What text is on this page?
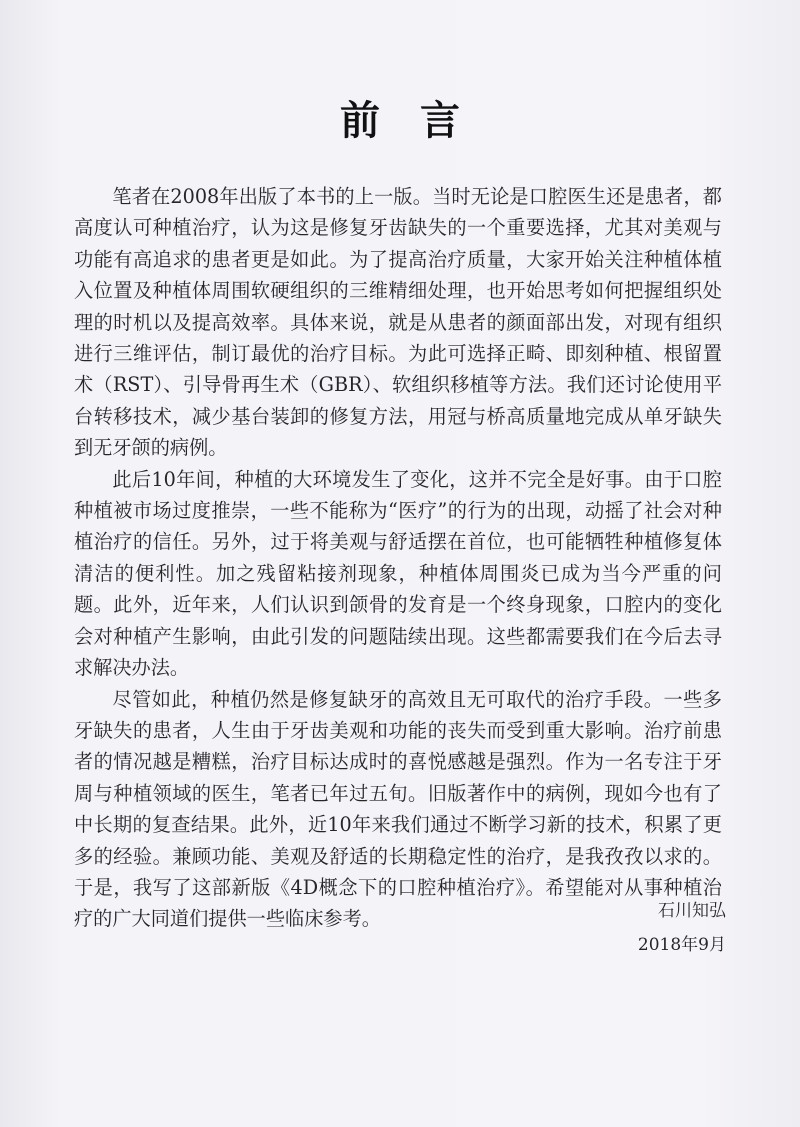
前言

笔者在2008年出版了本书的上一版。当时无论是口腔医生还是患者，都高度认可种植治疗，认为这是修复牙齿缺失的一个重要选择，尤其对美观与功能有高追求的患者更是如此。为了提高治疗质量，大家开始关注种植体植入位置及种植体周围软硬组织的三维精细处理，也开始思考如何把握组织处理的时机以及提高效率。具体来说，就是从患者的颜面部出发，对现有组织进行三维评估，制订最优的治疗目标。为此可选择正畸、即刻种植、根留置术（RST）、引导骨再生术（GBR）、软组织移植等方法。我们还讨论使用平台转移技术，减少基台装卸的修复方法，用冠与桥高质量地完成从单牙缺失到无牙颌的病例。

此后10年间，种植的大环境发生了变化，这并不完全是好事。由于口腔种植被市场过度推崇，一些不能称为“医疗”的行为的出现，动摇了社会对种植治疗的信任。另外，过于将美观与舒适摆在首位，也可能牺牲种植修复体清洁的便利性。加之残留粘接剂现象，种植体周围炎已成为当今严重的问题。此外，近年来，人们认识到颌骨的发育是一个终身现象，口腔内的变化会对种植产生影响，由此引发的问题陆续出现。这些都需要我们在今后去寻求解决办法。

尽管如此，种植仍然是修复缺牙的高效且无可取代的治疗手段。一些多牙缺失的患者，人生由于牙齿美观和功能的丧失而受到重大影响。治疗前患者的情况越是糟糕，治疗目标达成时的喜悦感越是强烈。作为一名专注于牙周与种植领域的医生，笔者已年过五旬。旧版著作中的病例，现如今也有了中长期的复查结果。此外，近10年来我们通过不断学习新的技术，积累了更多的经验。兼顾功能、美观及舒适的长期稳定性的治疗，是我孜孜以求的。于是，我写了这部新版《4D概念下的口腔种植治疗》。希望能对从事种植治疗的广大同道们提供一些临床参考。	石川知弘
2018年9月
